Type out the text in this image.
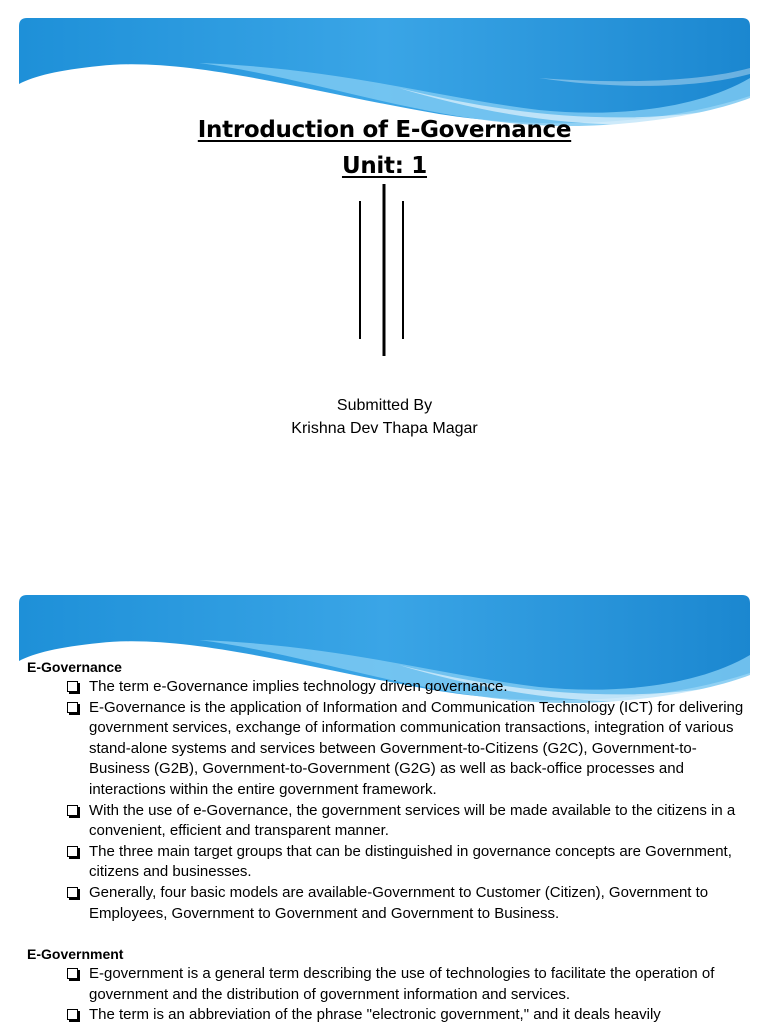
Introduction of E-Governance
Unit: 1
Submitted By
Krishna Dev Thapa Magar

E-Governance

The term e-Governance implies technology driven governance.
E-Governance is the application of Information and Communication Technology (ICT) for delivering government services, exchange of information communication transactions, integration of various stand-alone systems and services between Government-to-Citizens (G2C), Government-to-Business (G2B), Government-to-Government (G2G) as well as back-office processes and interactions within the entire government framework.
With the use of e-Governance, the government services will be made available to the citizens in a convenient, efficient and transparent manner.
The three main target groups that can be distinguished in governance concepts are Government, citizens and businesses.
Generally, four basic models are available-Government to Customer (Citizen), Government to Employees, Government to Government and Government to Business.

E-Government

E-government is a general term describing the use of technologies to facilitate the operation of government and the distribution of government information and services.
The term is an abbreviation of the phrase "electronic government," and it deals heavily
